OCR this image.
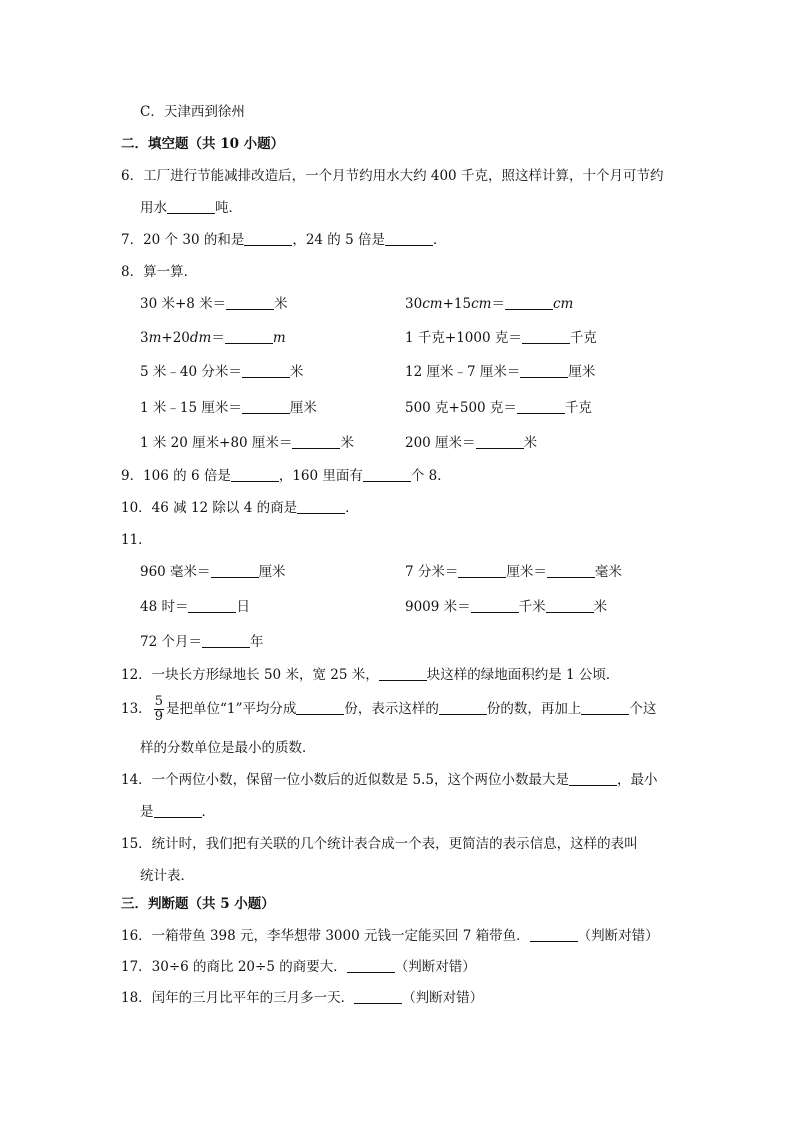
C．天津西到徐州
二．填空题（共 10 小题）
6．工厂进行节能减排改造后，一个月节约用水大约 400 千克，照这样计算，十个月可节约
用水	吨．
7．20 个 30 的和是	，24 的 5 倍是	．
8．算一算．
30 米+8 米＝	米	30cm+15cm＝	cm
3m+20dm＝	m	1 千克+1000 克＝	千克
5 米﹣40 分米＝	米	12 厘米﹣7 厘米＝	厘米
1 米﹣15 厘米＝	厘米	500 克+500 克＝	千克
1 米 20 厘米+80 厘米＝	米	200 厘米＝	米
9．106 的 6 倍是	，160 里面有	个 8．
10．46 减 12 除以 4 的商是	．
11．
960 毫米＝	厘米	7 分米＝	厘米＝	毫米
48 时＝	日	9009 米＝	千米	米
72 个月＝	年
12．一块长方形绿地长 50 米，宽 25 米，	块这样的绿地面积约是 1 公顷．
13． $\frac{5}{9}$ 是把单位“1”平均分成	份，表示这样的	份的数，再加上	个这
样的分数单位是最小的质数．
14．一个两位小数，保留一位小数后的近似数是 5.5，这个两位小数最大是	，最小
是	．
15．统计时，我们把有关联的几个统计表合成一个表，更简洁的表示信息，这样的表叫
统计表．
三．判断题（共 5 小题）
16．一箱带鱼 398 元，李华想带 3000 元钱一定能买回 7 箱带鱼．	（判断对错）
17．30÷6 的商比 20÷5 的商要大．	（判断对错）
18．闰年的三月比平年的三月多一天．	（判断对错）
